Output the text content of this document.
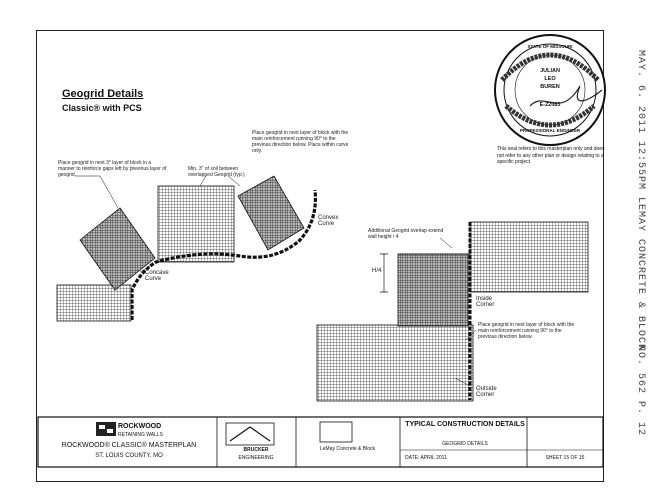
MAY. 6. 2011 12:55PM LEMAY CONCRETE & BLOCK
NO. 562 P. 12
Geogrid Details
Classic® with PCS
Place geogrid in next 3° layer of block in a manner to reinforce gaps left by previous layer of geogrid.
Place geogrid in next layer of block with the main reinforcement running 90° to the previous direction below. Place within curve only.
Min. 3" of soil between overlapped Geogrid (typ.)
Additional Geogrid overlap extend wall height / 4
Place geogrid in next layer of block with the main reinforcement running 90° to the previous direction below.
Concave Curve
Convex Curve
Inside Corner
Outside Corner
H/4
JULIAN
LEO
BUREN
E-22083
STATE OF MISSOURI
PROFESSIONAL ENGINEER
This seal refers to this masterplan only and does not refer to any other plan or design relating to a specific project.
ROCKWOOD
RETAINING WALLS
ROCKWOOD® CLASSIC® MASTERPLAN
ST. LOUIS COUNTY, MO
BRUCKER
ENGINEERING
LeMay Concrete & Block
TYPICAL CONSTRUCTION DETAILS
GEOGRID DETAILS
DATE: APRIL 2011	SHEET 15 OF 15
